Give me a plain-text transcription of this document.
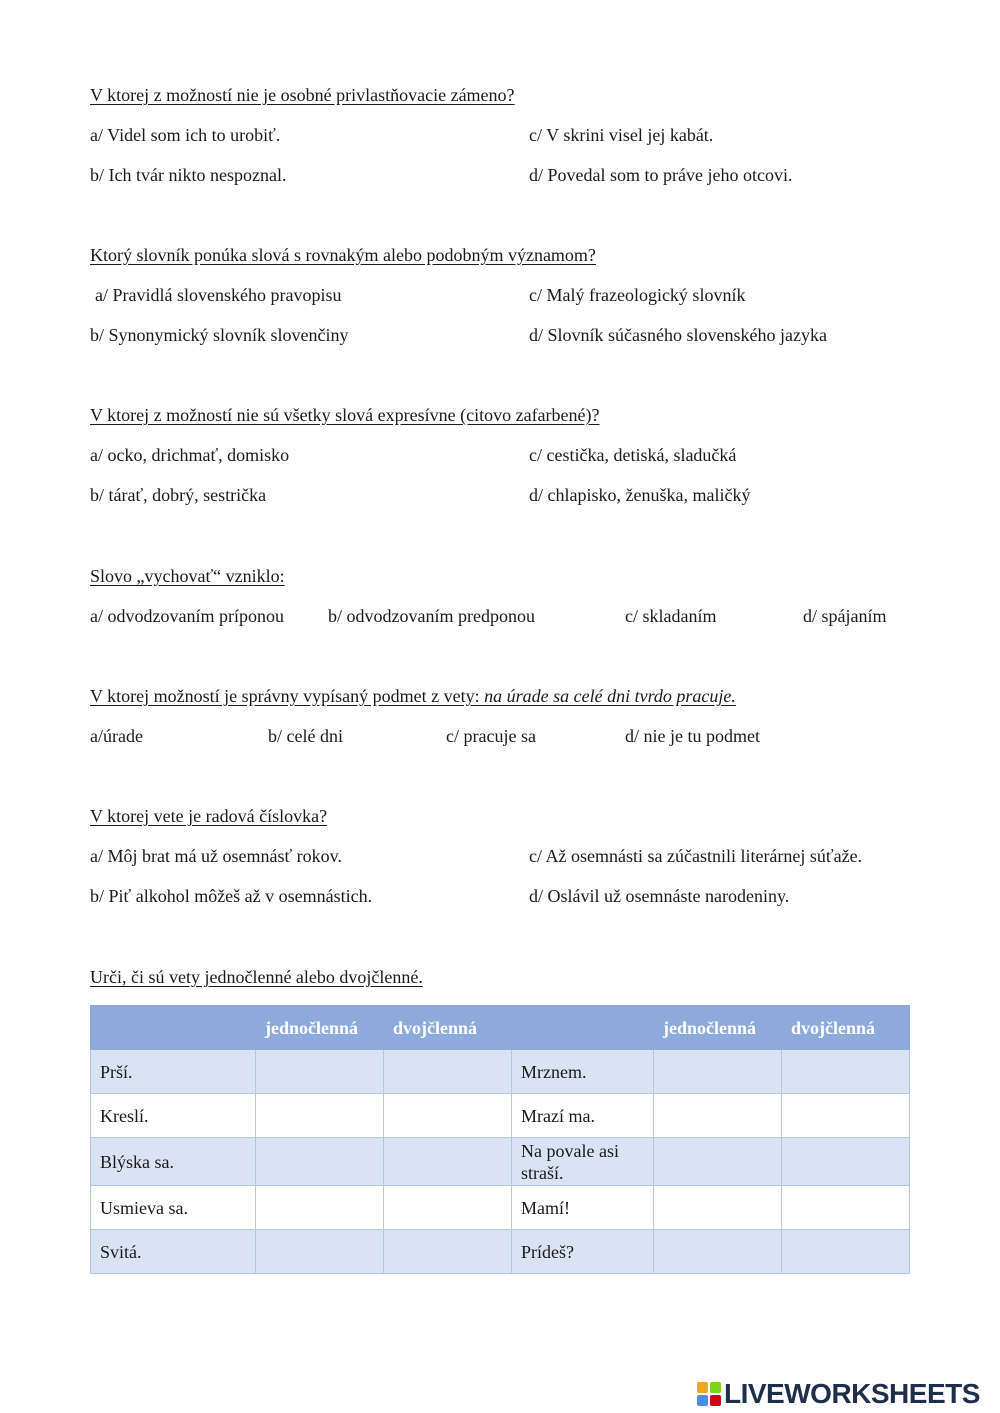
V ktorej z možností nie je osobné privlastňovacie zámeno?
a/ Videl som ich to urobiť.	c/ V skrini visel jej kabát.
b/ Ich tvár nikto nespoznal.	d/ Povedal som to práve jeho otcovi.
Ktorý slovník ponúka slová s rovnakým alebo podobným významom?
a/ Pravidlá slovenského pravopisu	c/ Malý frazeologický slovník
b/ Synonymický slovník slovenčiny	d/ Slovník súčasného slovenského jazyka
V ktorej z možností nie sú všetky slová expresívne (citovo zafarbené)?
a/ ocko, drichmať, domisko	c/ cestička, detiská, sladučká
b/ tárať, dobrý, sestrička	d/ chlapisko, ženuška, maličký
Slovo „vychovať“ vzniklo:
a/ odvodzovaním príponou b/ odvodzovaním predponou	c/ skladaním	d/ spájaním
V ktorej možností je správny vypísaný podmet z vety: na úrade sa celé dni tvrdo pracuje.
a/úrade	b/ celé dni	c/ pracuje sa	d/ nie je tu podmet
V ktorej vete je radová číslovka?
a/ Môj brat má už osemnásť rokov.	c/ Až osemnásti sa zúčastnili literárnej súťaže.
b/ Piť alkohol môžeš až v osemnástich.	d/ Oslávil už osemnáste narodeniny.
Urči, či sú vety jednočlenné alebo dvojčlenné.
	jednočlenná	dvojčlenná		jednočlenná	dvojčlenná
Prší.			Mrznem.		
Kreslí.			Mrazí ma.		
Blýska sa.			Na povale asi straší.		
Usmieva sa.			Mamí!		
Svitá.			Prídeš?		
LIVEWORKSHEETS
